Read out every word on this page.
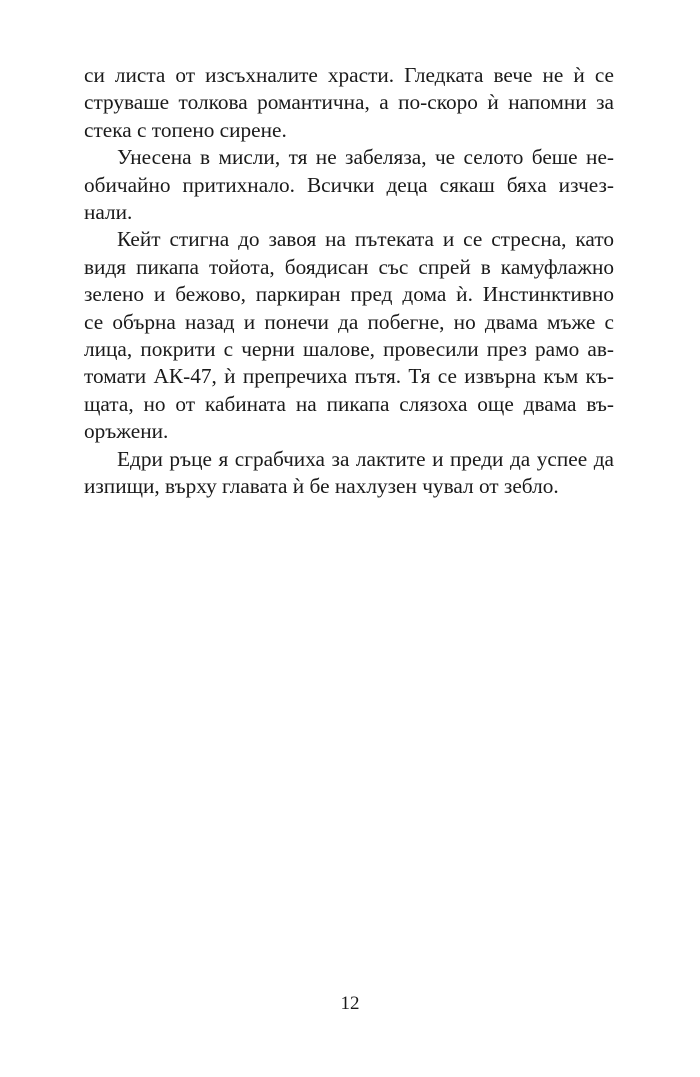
си листа от изсъхналите храсти. Гледката вече не ѝ се
струваше толкова романтична, а по-скоро ѝ напомни за
стека с топено сирене.

Унесена в мисли, тя не забеляза, че селото беше не-
обичайно притихнало. Всички деца сякаш бяха изчез-
нали.

Кейт стигна до завоя на пътеката и се стресна, като
видя пикапа тойота, боядисан със спрей в камуфлажно
зелено и бежово, паркиран пред дома ѝ. Инстинктивно
се обърна назад и понечи да побегне, но двама мъже с
лица, покрити с черни шалове, провесили през рамо ав-
томати АК-47, ѝ препречиха пътя. Тя се извърна към къ-
щата, но от кабината на пикапа слязоха още двама въ-
оръжени.

Едри ръце я сграбчиха за лактите и преди да успее да
изпищи, върху главата ѝ бе нахлузен чувал от зебло.

12
